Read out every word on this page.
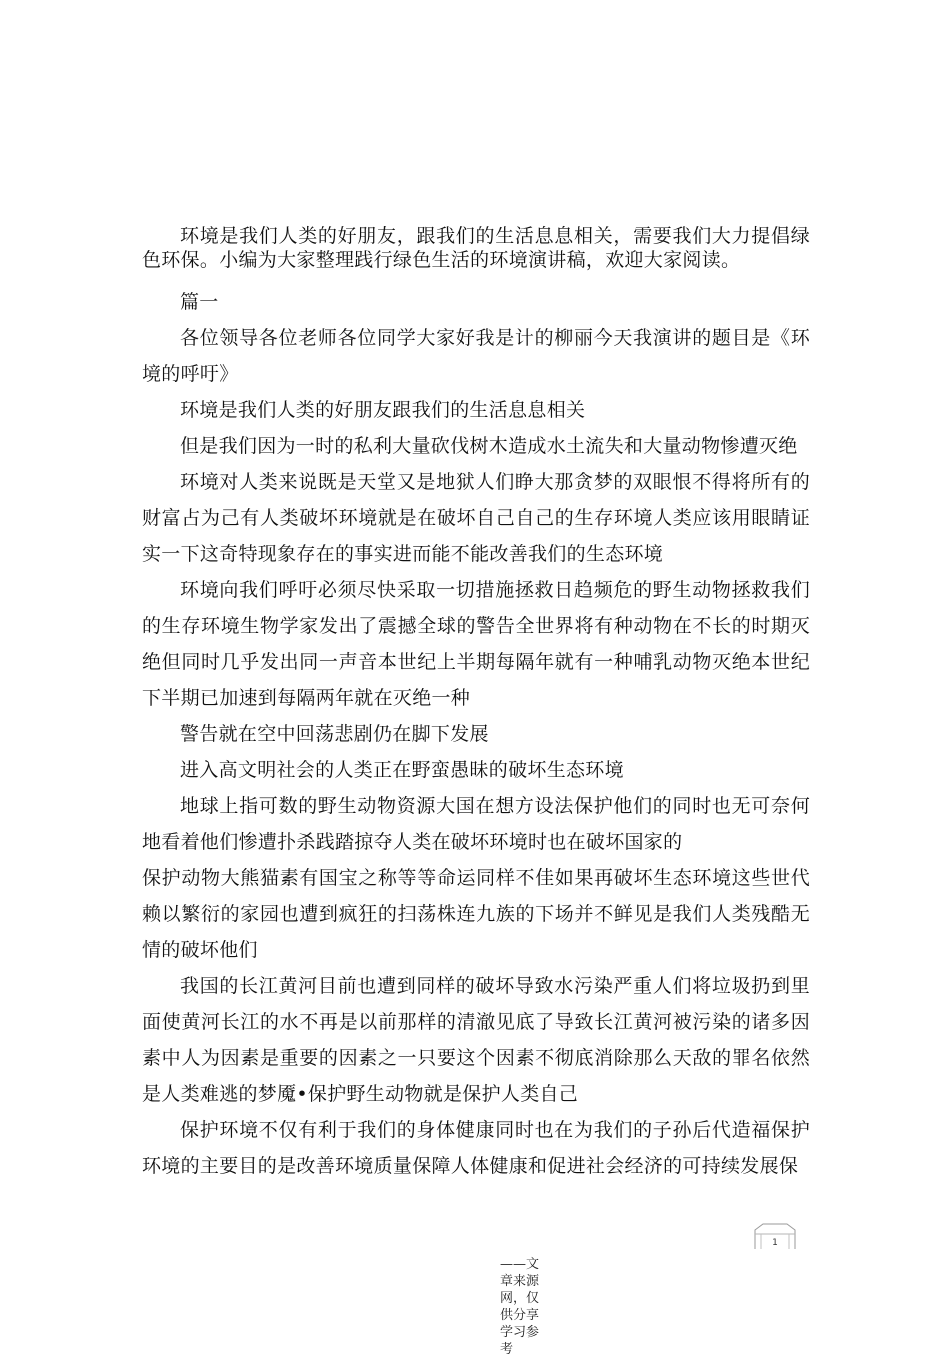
环境是我们人类的好朋友，跟我们的生活息息相关，需要我们大力提倡绿色环保。小编为大家整理践行绿色生活的环境演讲稿，欢迎大家阅读。

篇一

各位领导各位老师各位同学大家好我是计的柳丽今天我演讲的题目是《环境的呼吁》

环境是我们人类的好朋友跟我们的生活息息相关

但是我们因为一时的私利大量砍伐树木造成水土流失和大量动物惨遭灭绝

环境对人类来说既是天堂又是地狱人们睁大那贪梦的双眼恨不得将所有的财富占为己有人类破坏环境就是在破坏自己自己的生存环境人类应该用眼睛证实一下这奇特现象存在的事实进而能不能改善我们的生态环境

环境向我们呼吁必须尽快采取一切措施拯救日趋频危的野生动物拯救我们的生存环境生物学家发出了震撼全球的警告全世界将有种动物在不长的时期灭绝但同时几乎发出同一声音本世纪上半期每隔年就有一种哺乳动物灭绝本世纪下半期已加速到每隔两年就在灭绝一种

警告就在空中回荡悲剧仍在脚下发展

进入高文明社会的人类正在野蛮愚昧的破坏生态环境

地球上指可数的野生动物资源大国在想方设法保护他们的同时也无可奈何地看着他们惨遭扑杀践踏掠夺人类在破坏环境时也在破坏国家的

保护动物大熊猫素有国宝之称等等命运同样不佳如果再破坏生态环境这些世代赖以繁衍的家园也遭到疯狂的扫荡株连九族的下场并不鲜见是我们人类残酷无情的破坏他们

我国的长江黄河目前也遭到同样的破坏导致水污染严重人们将垃圾扔到里面使黄河长江的水不再是以前那样的清澈见底了导致长江黄河被污染的诸多因素中人为因素是重要的因素之一只要这个因素不彻底消除那么天敌的罪名依然是人类难逃的梦魇•保护野生动物就是保护人类自己

保护环境不仅有利于我们的身体健康同时也在为我们的子孙后代造福保护环境的主要目的是改善环境质量保障人体健康和促进社会经济的可持续发展保

1
——文章来源网，仅供分享学习参考
